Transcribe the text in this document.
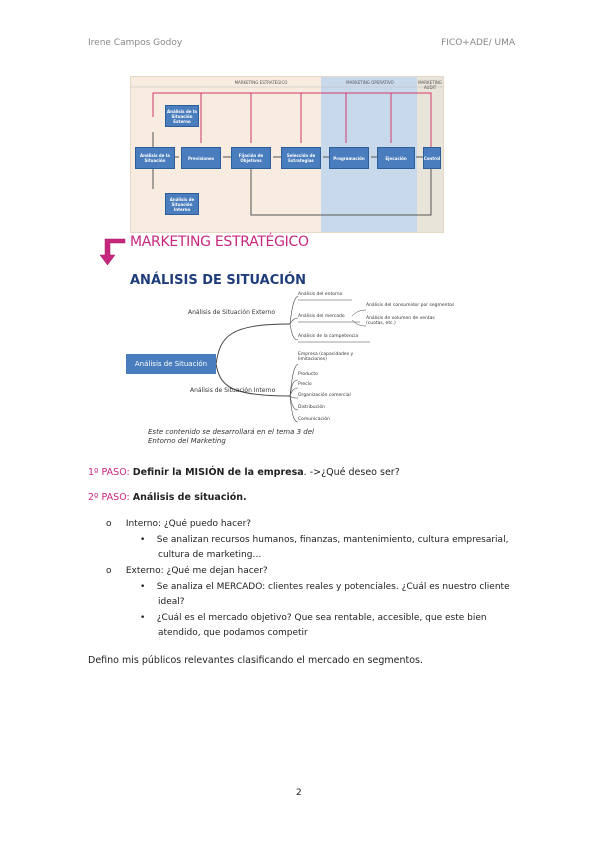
Irene Campos Godoy	FICO+ADE/ UMA
MARKETING ESTRATÉGICO	MARKETING OPERATIVO	MARKETING AUDIT
Análisis de la Situación Externo
Análisis de la Situación
Análisis de Situación Interno
Previsiones	Fijación de Objetivos
Selección de Estrategias	Programación	Ejecución	Control
MARKETING ESTRATÉGICO
ANÁLISIS DE SITUACIÓN
Análisis de Situación
Análisis de Situación Externo
Análisis de Situación Interno
Análisis del entorno
Análisis del mercado
Análisis de la competencia
Análisis del consumidor por segmentos
Análisis de volumen de ventas (cuotas, etc.)
Empresa (capacidades y limitaciones)
Producto
Precio
Organización comercial
Distribución
Comunicación
Este contenido se desarrollará en el tema 3 del Entorno del Marketing
1º PASO: Definir la MISIÓN de la empresa. ->¿Qué deseo ser?
2º PASO: Análisis de situación.
o     Interno: ¿Qué puedo hacer?
•    Se analizan recursos humanos, finanzas, mantenimiento, cultura empresarial,
cultura de marketing…
o     Externo: ¿Qué me dejan hacer?
•    Se analiza el MERCADO: clientes reales y potenciales. ¿Cuál es nuestro cliente
ideal?
•    ¿Cuál es el mercado objetivo? Que sea rentable, accesible, que este bien
atendido, que podamos competir
Defino mis públicos relevantes clasificando el mercado en segmentos.
2
